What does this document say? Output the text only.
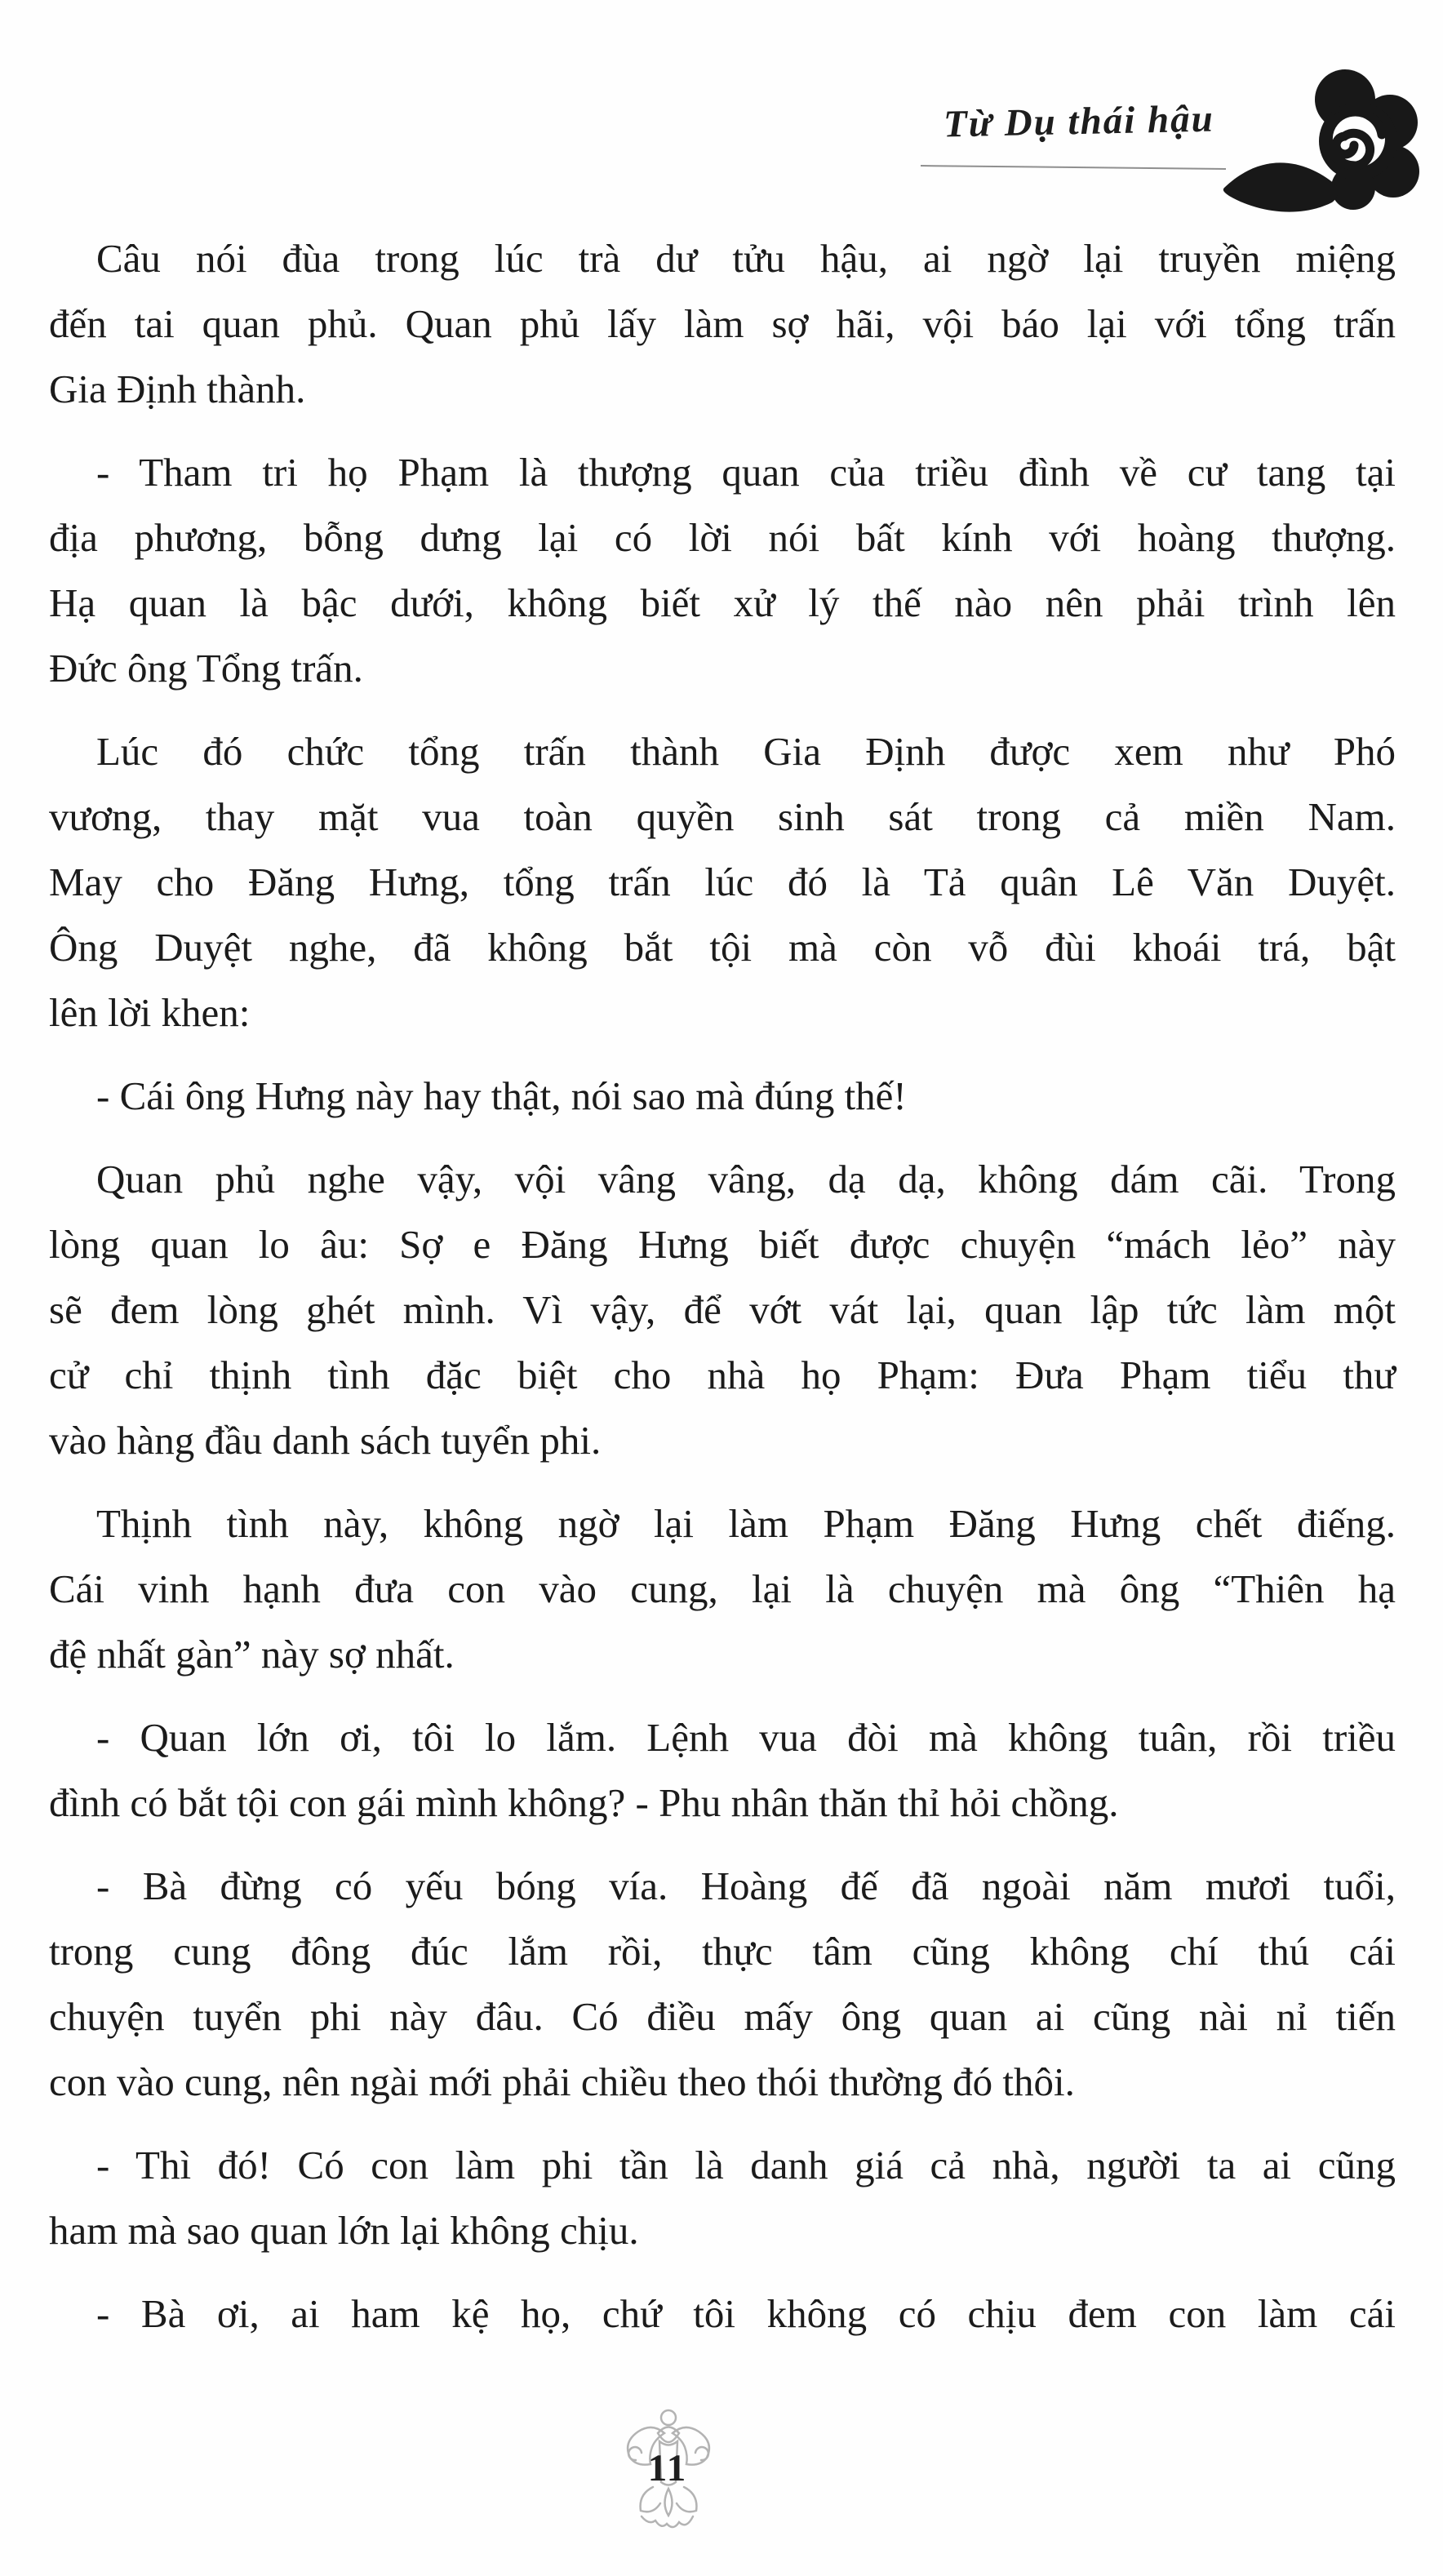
Từ Dụ thái hậu
Câu nói đùa trong lúc trà dư tửu hậu, ai ngờ lại truyền miệng
đến tai quan phủ. Quan phủ lấy làm sợ hãi, vội báo lại với tổng trấn
Gia Định thành.
- Tham tri họ Phạm là thượng quan của triều đình về cư tang tại
địa phương, bỗng dưng lại có lời nói bất kính với hoàng thượng.
Hạ quan là bậc dưới, không biết xử lý thế nào nên phải trình lên
Đức ông Tổng trấn.
Lúc đó chức tổng trấn thành Gia Định được xem như Phó
vương, thay mặt vua toàn quyền sinh sát trong cả miền Nam.
May cho Đăng Hưng, tổng trấn lúc đó là Tả quân Lê Văn Duyệt.
Ông Duyệt nghe, đã không bắt tội mà còn vỗ đùi khoái trá, bật
lên lời khen:
- Cái ông Hưng này hay thật, nói sao mà đúng thế!
Quan phủ nghe vậy, vội vâng vâng, dạ dạ, không dám cãi. Trong
lòng quan lo âu: Sợ e Đăng Hưng biết được chuyện “mách lẻo” này
sẽ đem lòng ghét mình. Vì vậy, để vớt vát lại, quan lập tức làm một
cử chỉ thịnh tình đặc biệt cho nhà họ Phạm: Đưa Phạm tiểu thư
vào hàng đầu danh sách tuyển phi.
Thịnh tình này, không ngờ lại làm Phạm Đăng Hưng chết điếng.
Cái vinh hạnh đưa con vào cung, lại là chuyện mà ông “Thiên hạ
đệ nhất gàn” này sợ nhất.
- Quan lớn ơi, tôi lo lắm. Lệnh vua đòi mà không tuân, rồi triều
đình có bắt tội con gái mình không? - Phu nhân thăn thỉ hỏi chồng.
- Bà đừng có yếu bóng vía. Hoàng đế đã ngoài năm mươi tuổi,
trong cung đông đúc lắm rồi, thực tâm cũng không chí thú cái
chuyện tuyển phi này đâu. Có điều mấy ông quan ai cũng nài nỉ tiến
con vào cung, nên ngài mới phải chiều theo thói thường đó thôi.
- Thì đó! Có con làm phi tần là danh giá cả nhà, người ta ai cũng
ham mà sao quan lớn lại không chịu.
- Bà ơi, ai ham kệ họ, chứ tôi không có chịu đem con làm cái
11
